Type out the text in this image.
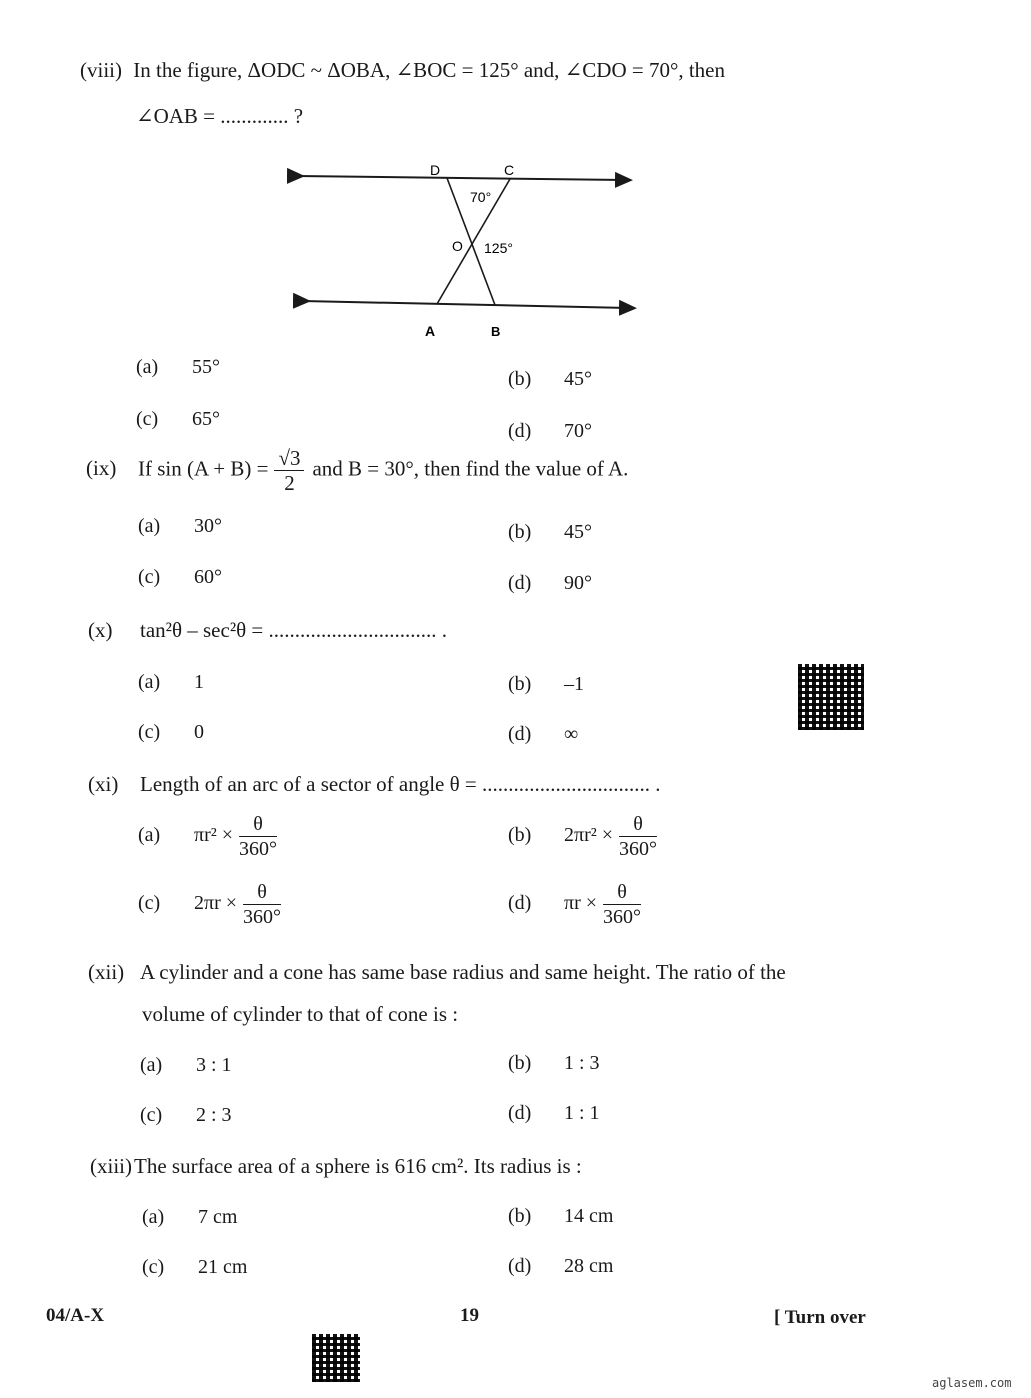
(viii) In the figure, ΔODC ~ ΔOBA, ∠BOC = 125° and, ∠CDO = 70°, then
∠OAB = ............. ?
D	C
O
A	B
70°
125°
(a) 55°
(b) 45°
(c) 65°
(d) 70°
(ix) If $\sin (A + B) = \frac{√3}{2}$ and B = 30°, then find the value of A.
(a) 30°	(b) 45°
(c) 60°	(d) 90°
(x) tan²θ – sec²θ = ................................ .
(a) 1	(b) –1
(c) 0	(d) ∞
(xi) Length of an arc of a sector of angle θ = ................................ .
(a) $\pi r^2 \times \frac{\theta}{360^\circ}$	(b) $2\pi r^2 \times \frac{\theta}{360^\circ}$
(c) $2\pi r \times \frac{\theta}{360^\circ}$	(d) $\pi r \times \frac{\theta}{360^\circ}$
(xii) A cylinder and a cone has same base radius and same height. The ratio of the
volume of cylinder to that of cone is :
(a) 3 : 1	(b) 1 : 3
(c) 2 : 3	(d) 1 : 1
(xiii)The surface area of a sphere is 616 cm². Its radius is :
(a) 7 cm	(b) 14 cm
(c) 21 cm	(d) 28 cm
04/A-X	19	[ Turn over
aglasem.com
